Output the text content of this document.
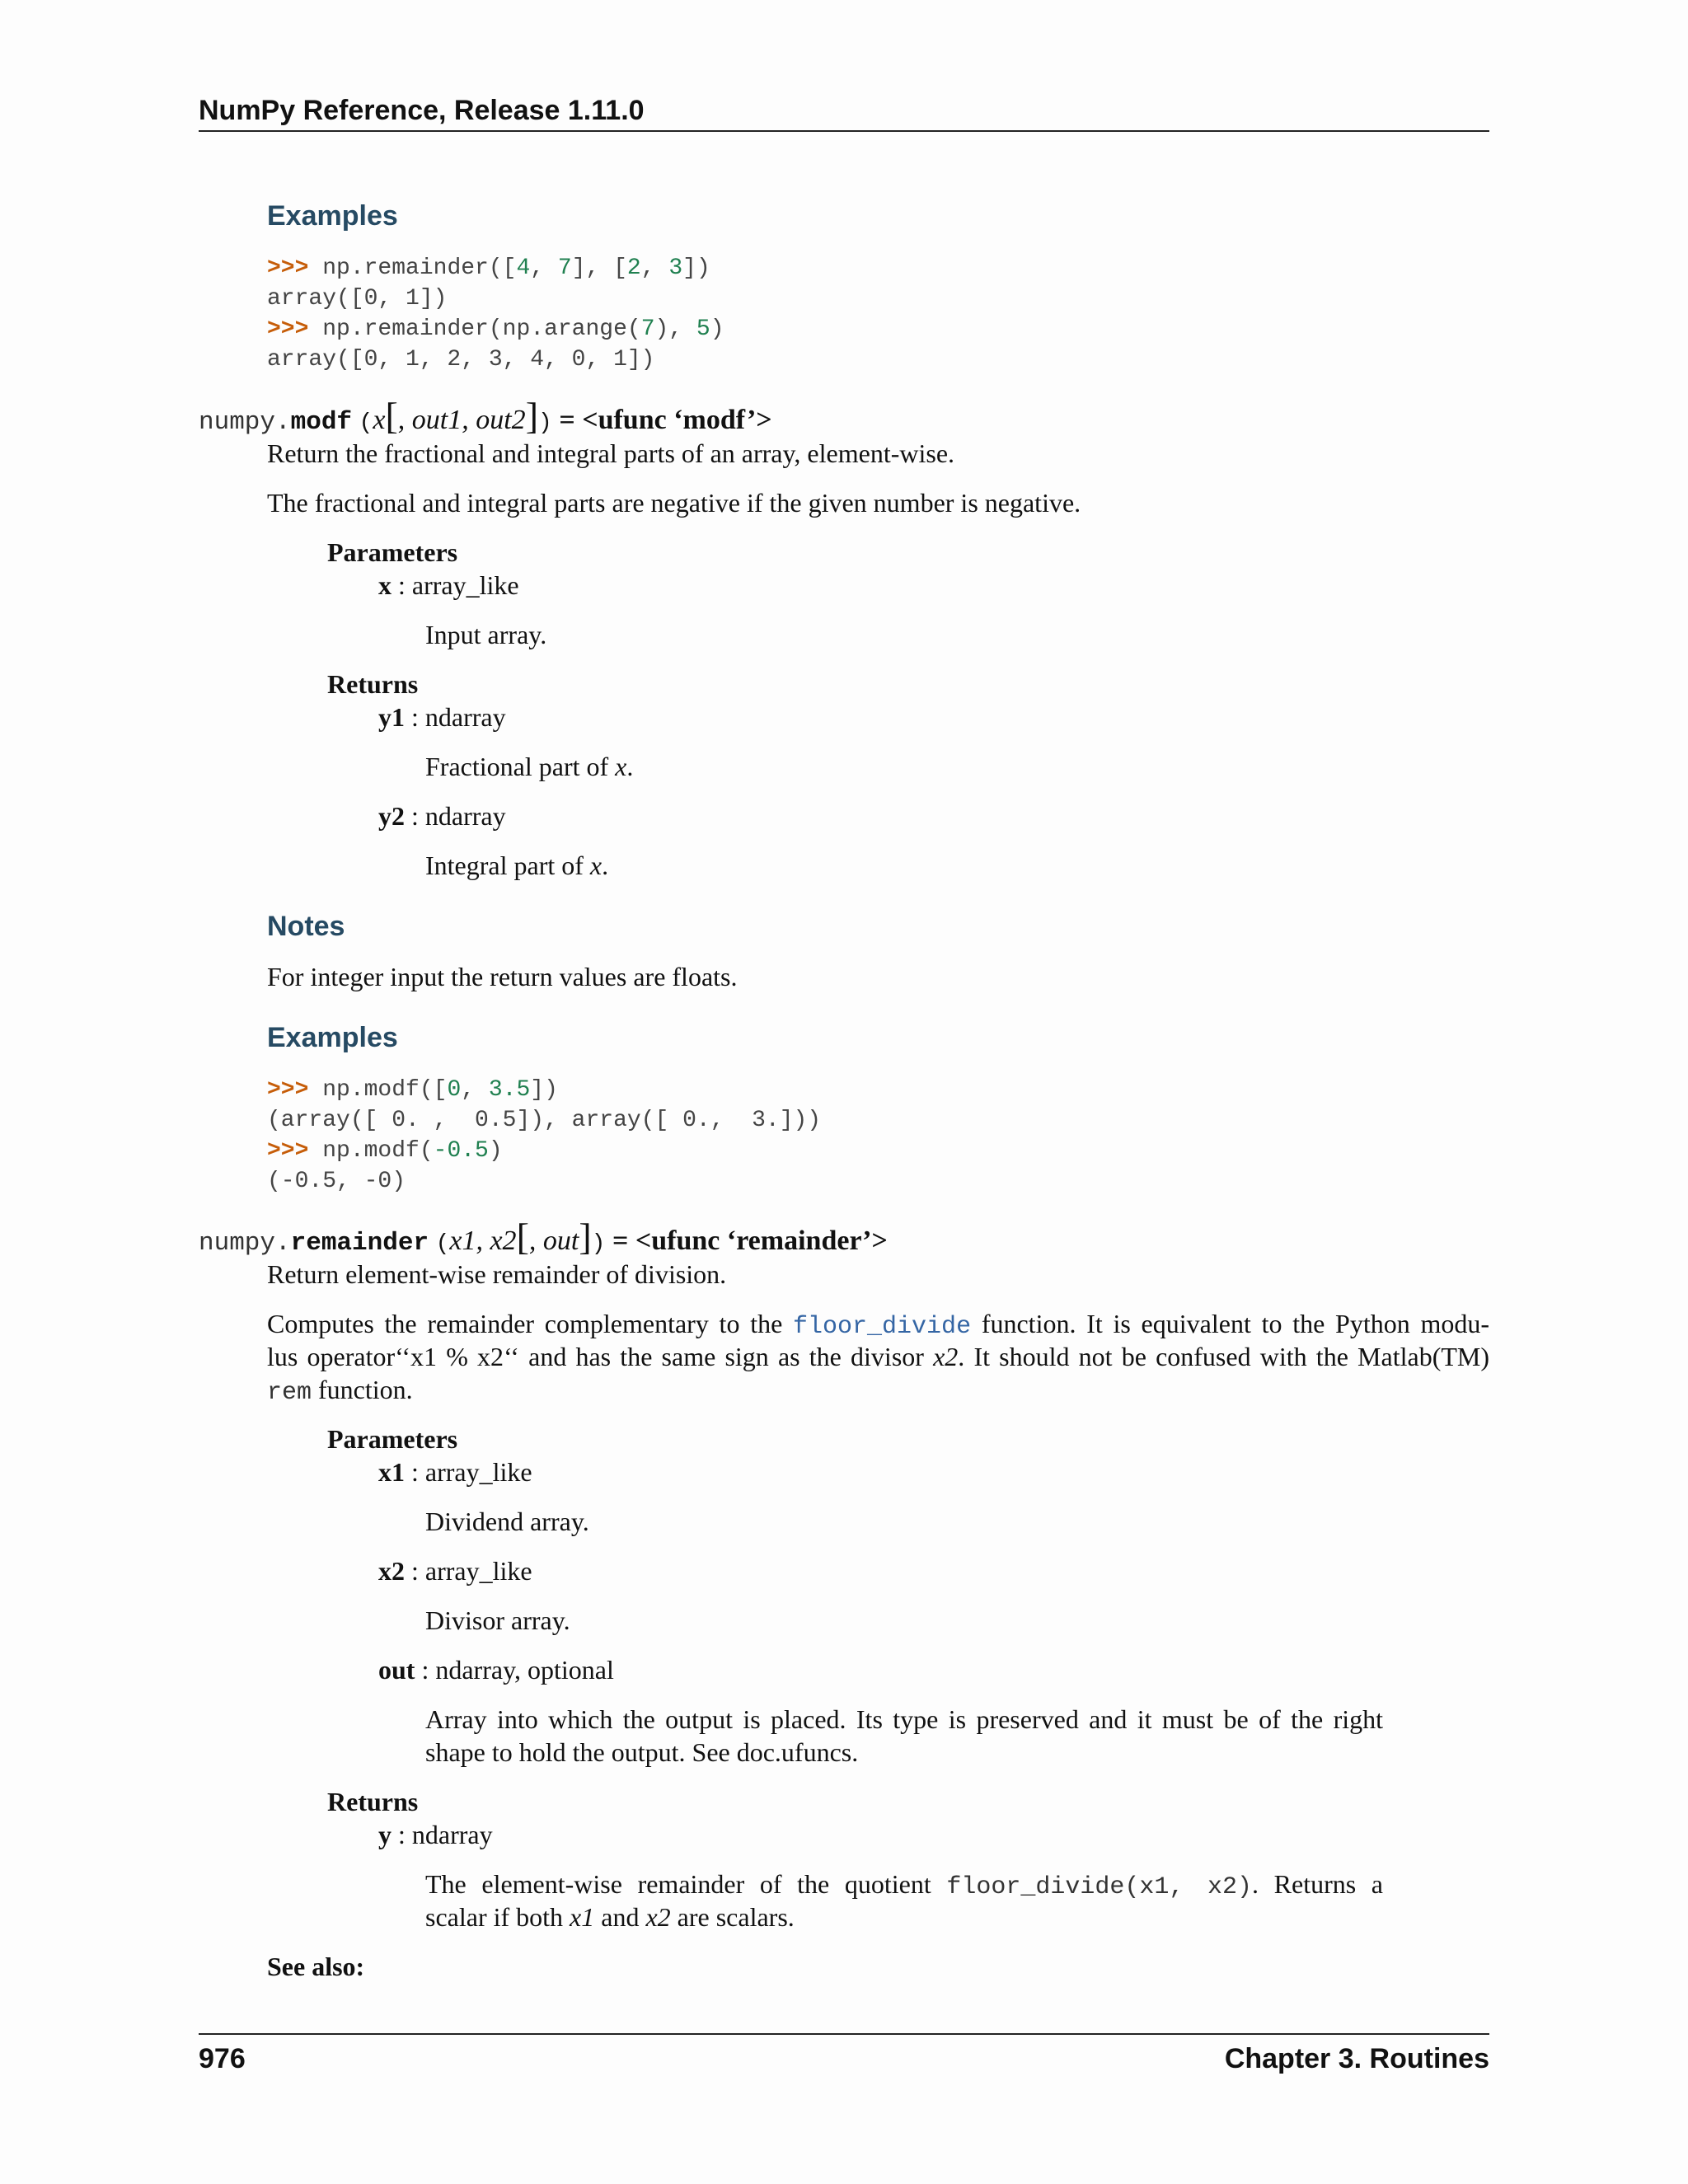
NumPy Reference, Release 1.11.0
Examples
>>> np.remainder([4, 7], [2, 3])
array([0, 1])
>>> np.remainder(np.arange(7), 5)
array([0, 1, 2, 3, 4, 0, 1])
numpy.modf (x[, out1, out2]) = <ufunc ‘modf’>
Return the fractional and integral parts of an array, element-wise.
The fractional and integral parts are negative if the given number is negative.
Parameters
x : array_like
Input array.
Returns
y1 : ndarray
Fractional part of x.
y2 : ndarray
Integral part of x.
Notes
For integer input the return values are floats.
Examples
>>> np.modf([0, 3.5])
(array([ 0. ,  0.5]), array([ 0.,  3.]))
>>> np.modf(-0.5)
(-0.5, -0)
numpy.remainder (x1, x2[, out]) = <ufunc ‘remainder’>
Return element-wise remainder of division.
Computes the remainder complementary to the floor_divide function. It is equivalent to the Python modu-
lus operator‘‘x1 % x2‘‘ and has the same sign as the divisor x2. It should not be confused with the Matlab(TM)
rem function.
Parameters
x1 : array_like
Dividend array.
x2 : array_like
Divisor array.
out : ndarray, optional
Array into which the output is placed. Its type is preserved and it must be of the right
shape to hold the output. See doc.ufuncs.
Returns
y : ndarray
The element-wise remainder of the quotient floor_divide(x1, x2). Returns a
scalar if both x1 and x2 are scalars.
See also:
976	Chapter 3. Routines
